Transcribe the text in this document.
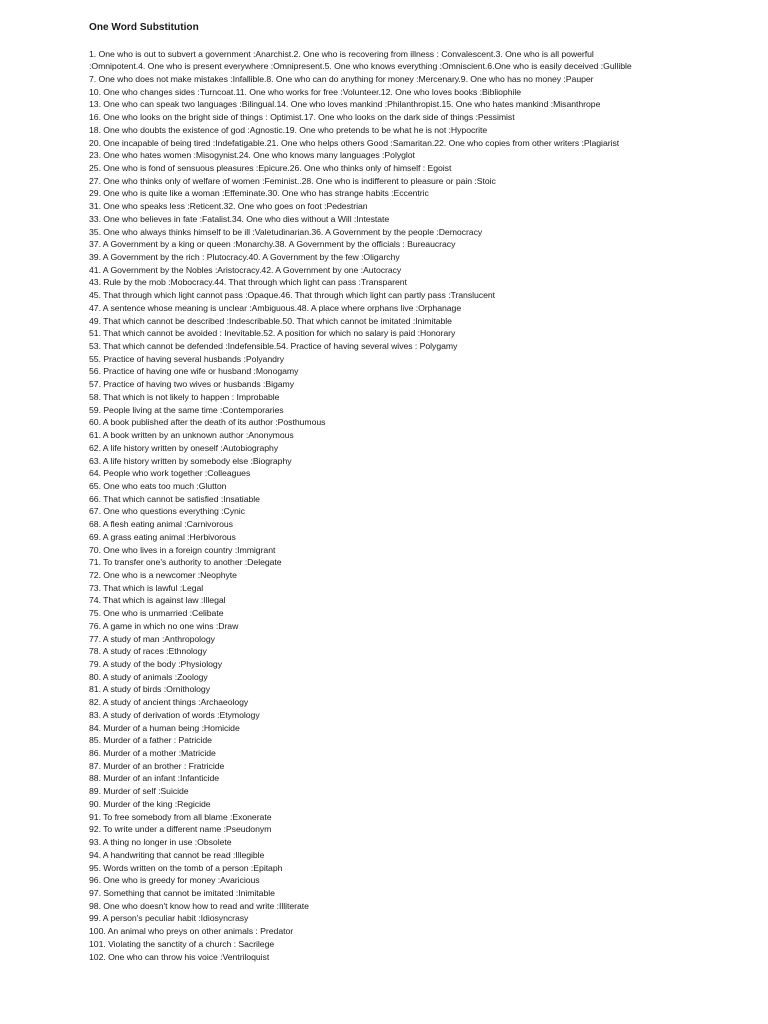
One Word Substitution
1. One who is out to subvert a government :Anarchist.2. One who is recovering from illness : Convalescent.3. One who is all powerful
:Omnipotent.4. One who is present everywhere :Omnipresent.5. One who knows everything :Omniscient.6.One who is easily deceived :Gullible
7. One who does not make mistakes :Infallible.8. One who can do anything for money :Mercenary.9. One who has no money :Pauper
10. One who changes sides :Turncoat.11. One who works for free :Volunteer.12. One who loves books :Bibliophile
13. One who can speak two languages :Bilingual.14. One who loves mankind :Philanthropist.15. One who hates mankind :Misanthrope
16. One who looks on the bright side of things : Optimist.17. One who looks on the dark side of things :Pessimist
18. One who doubts the existence of god :Agnostic.19. One who pretends to be what he is not :Hypocrite
20. One incapable of being tired :Indefatigable.21. One who helps others Good :Samaritan.22. One who copies from other writers :Plagiarist
23. One who hates women :Misogynist.24. One who knows many languages :Polyglot
25. One who is fond of sensuous pleasures :Epicure.26. One who thinks only of himself : Egoist
27. One who thinks only of welfare of women :Feminist..28. One who is indifferent to pleasure or pain :Stoic
29. One who is quite like a woman :Effeminate.30. One who has strange habits :Eccentric
31. One who speaks less :Reticent.32. One who goes on foot :Pedestrian
33. One who believes in fate :Fatalist.34. One who dies without a Will :Intestate
35. One who always thinks himself to be ill :Valetudinarian.36. A Government by the people :Democracy
37. A Government by a king or queen :Monarchy.38. A Government by the officials : Bureaucracy
39. A Government by the rich : Plutocracy.40. A Government by the few :Oligarchy
41. A Government by the Nobles :Aristocracy.42. A Government by one :Autocracy
43. Rule by the mob :Mobocracy.44. That through which light can pass :Transparent
45. That through which light cannot pass :Opaque.46. That through which light can partly pass :Translucent
47. A sentence whose meaning is unclear :Ambiguous.48. A place where orphans live :Orphanage
49. That which cannot be described :Indescribable.50. That which cannot be imitated :Inimitable
51. That which cannot be avoided : Inevitable.52. A position for which no salary is paid :Honorary
53. That which cannot be defended :Indefensible.54. Practice of having several wives : Polygamy
55. Practice of having several husbands :Polyandry
56. Practice of having one wife or husband :Monogamy
57. Practice of having two wives or husbands :Bigamy
58. That which is not likely to happen : Improbable
59. People living at the same time :Contemporaries
60. A book published after the death of its author :Posthumous
61. A book written by an unknown author :Anonymous
62. A life history written by oneself :Autobiography
63. A life history written by somebody else :Biography
64. People who work together :Colleagues
65. One who eats too much :Glutton
66. That which cannot be satisfied :Insatiable
67. One who questions everything :Cynic
68. A flesh eating animal :Carnivorous
69. A grass eating animal :Herbivorous
70. One who lives in a foreign country :Immigrant
71. To transfer one's authority to another :Delegate
72. One who is a newcomer :Neophyte
73. That which is lawful :Legal
74. That which is against law :Illegal
75. One who is unmarried :Celibate
76. A game in which no one wins :Draw
77. A study of man :Anthropology
78. A study of races :Ethnology
79. A study of the body :Physiology
80. A study of animals :Zoology
81. A study of birds :Ornithology
82. A study of ancient things :Archaeology
83. A study of derivation of words :Etymology
84. Murder of a human being :Homicide
85. Murder of a father : Patricide
86. Murder of a mother :Matricide
87. Murder of an brother : Fratricide
88. Murder of an infant :Infanticide
89. Murder of self :Suicide
90. Murder of the king :Regicide
91. To free somebody from all blame :Exonerate
92. To write under a different name :Pseudonym
93. A thing no longer in use :Obsolete
94. A handwriting that cannot be read :Illegible
95. Words written on the tomb of a person :Epitaph
96. One who is greedy for money :Avaricious
97. Something that cannot be imitated :Inimitable
98. One who doesn't know how to read and write :Illiterate
99. A person's peculiar habit :Idiosyncrasy
100. An animal who preys on other animals : Predator
101. Violating the sanctity of a church : Sacrilege
102. One who can throw his voice :Ventriloquist
